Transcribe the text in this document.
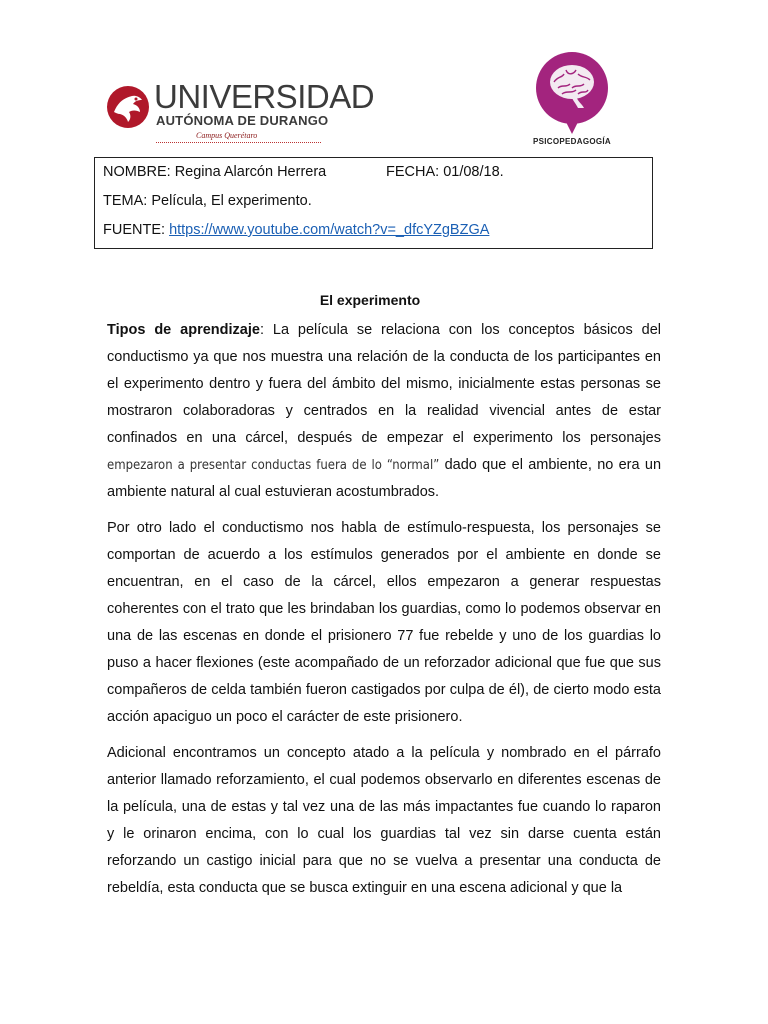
UNIVERSIDAD
AUTÓNOMA DE DURANGO
Campus Querétaro
PSICOPEDAGOGÍA
NOMBRE: Regina Alarcón Herrera	FECHA: 01/08/18.
TEMA: Película, El experimento.
FUENTE: https://www.youtube.com/watch?v=_dfcYZgBZGA
El experimento
Tipos de aprendizaje: La película se relaciona con los conceptos básicos del conductismo ya que nos muestra una relación de la conducta de los participantes en el experimento dentro y fuera del ámbito del mismo, inicialmente estas personas se mostraron colaboradoras y centrados en la realidad vivencial antes de estar confinados en una cárcel, después de empezar el experimento los personajes empezaron a presentar conductas fuera de lo “normal” dado que el ambiente, no era un ambiente natural al cual estuvieran acostumbrados.
Por otro lado el conductismo nos habla de estímulo-respuesta, los personajes se comportan de acuerdo a los estímulos generados por el ambiente en donde se encuentran, en el caso de la cárcel, ellos empezaron a generar respuestas coherentes con el trato que les brindaban los guardias, como lo podemos observar en una de las escenas en donde el prisionero 77 fue rebelde y uno de los guardias lo puso a hacer flexiones (este acompañado de un reforzador adicional que fue que sus compañeros de celda también fueron castigados por culpa de él), de cierto modo esta acción apaciguo un poco el carácter de este prisionero.
Adicional encontramos un concepto atado a la película y nombrado en el párrafo anterior llamado reforzamiento, el cual podemos observarlo en diferentes escenas de la película, una de estas y tal vez una de las más impactantes fue cuando lo raparon y le orinaron encima, con lo cual los guardias tal vez sin darse cuenta están reforzando un castigo inicial para que no se vuelva a presentar una conducta de rebeldía, esta conducta que se busca extinguir en una escena adicional y que la
